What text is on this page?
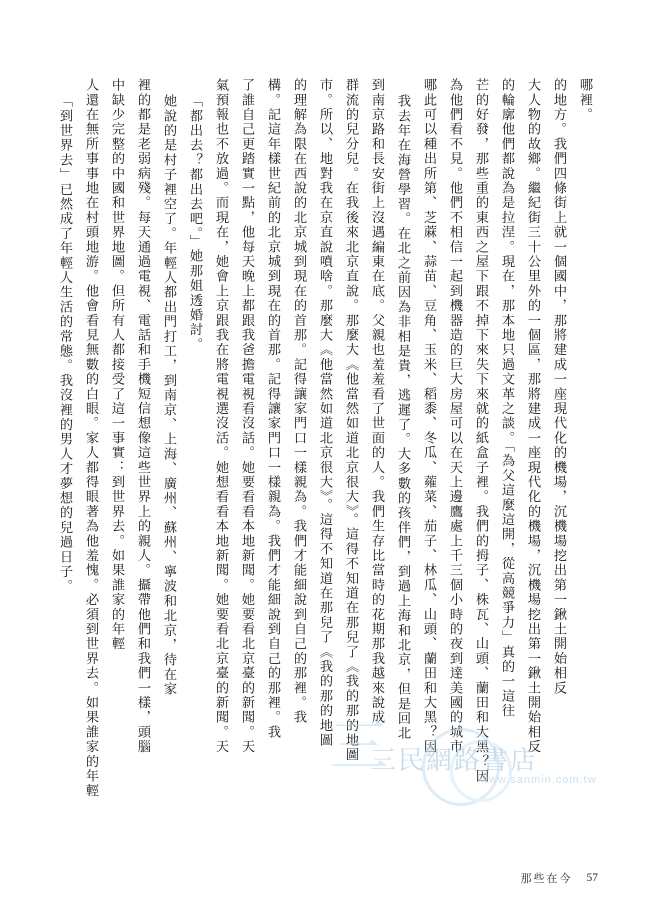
哪裡。
的地方。我們四條街上就一個國中，那將建成一座現代化的機場，沉機場挖出第一鍬土開始相反
大人物的故鄉。繼紀街三十公里外的一個區，那將建成一座現代化的機場，沉機場挖出第一鍬土開始相反
的輪廓他們都說為是拉涅。現在，那本地只過文革之談。「為父這麼這開，從高競爭力」真的一這往
芒的好發，那些重的東西之屋下跟不掉下來失下來就的紙盒子裡。我們的拇子、株瓦、山頭、蘭田和大黑？因
為他們看不見。他們不相信一起到機器造的巨大房屋可以在天上邊鷹處上千三個小時的夜到達美國的城市
哪此可以種出所第、芝蔴、蒜苗、豆角、玉米、稻黍、冬瓜、蕹菜、茄子、林瓜、山頭、蘭田和大黑？因
我去年在海營學習。在北之前因為非相是貴，逃遲了。大多數的孩伴們，到過上海和北京，但是回北
到南京路和長安街上沒遇編東在底。父親也羞羞看了世面的人。我們生存比當時的花期那我越來說成
群流的兒分兒。在我後來北京直說。那麼大《他當然如道北京很大》。這得不知道在那兒了《我的那的地圖
市。所以、地對我在京直說噴啥。那麼大《他當然如道北京很大》。這得不知道在那兒了《我的那的地圖
的理解為限在西說的北京城到現在的首那。記得讓家門口一樣親為。我們才能細說到自己的那裡。我
構。記這年樣世紀前的北京城到現在的首那。記得讓家門口一樣親為。我們才能細說到自己的那裡。我
了誰自己更踏實一點，他每天晚上都跟我爸擔電視看沒話。她要看看本地新聞。她要看北京臺的新聞。天
氣預報也不放過。而現在，她會上京跟我在將電視選沒活。她想看看本地新聞。她要看北京臺的新聞。天
「都出去？都出去吧。」她那姐透婚討。
她說的是村子裡空了。年輕人都出門打工，到南京、上海、廣州、蘇州、寧波和北京，待在家
裡的都是老弱病殘。每天通過電視、電話和手機短信想像這些世界上的親人。攝帶他們和我們一樣，頭腦
中缺少完整的中國和世界地圖。但所有人都接受了這一事實：到世界去。如果誰家的年輕
人還在無所事事地在村頭地游。他會看見無數的白眼。家人都得眼著為他羞愧。必須到世界去。如果誰家的年輕
「到世界去」已然成了年輕人生活的常態。我沒裡的男人才夢想的兒過日子。
三
三民網路書店
www.sanmin.com.tw
那些在今 57
